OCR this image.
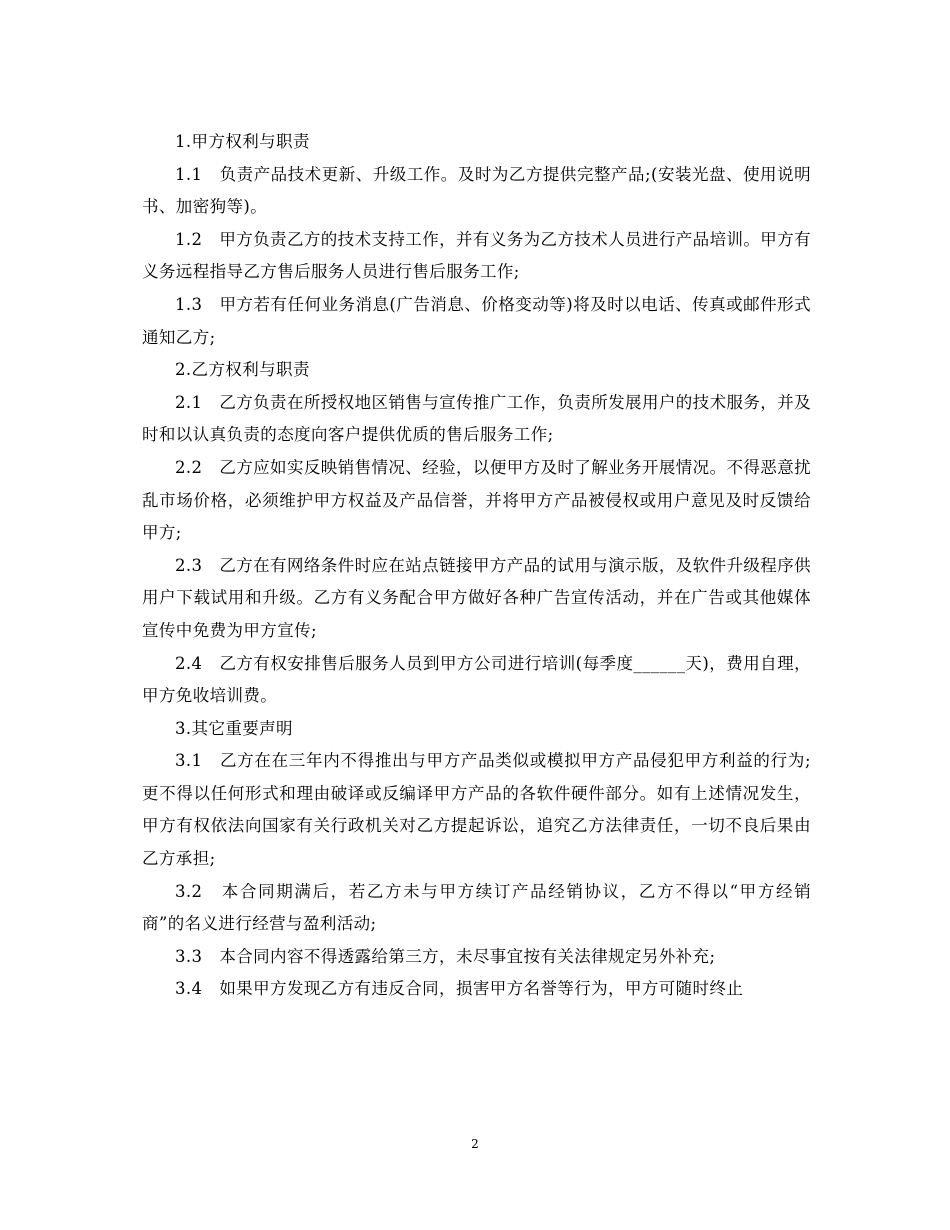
1.甲方权利与职责

1.1　负责产品技术更新、升级工作。及时为乙方提供完整产品;(安装光盘、使用说明书、加密狗等)。

1.2　甲方负责乙方的技术支持工作，并有义务为乙方技术人员进行产品培训。甲方有义务远程指导乙方售后服务人员进行售后服务工作;

1.3　甲方若有任何业务消息(广告消息、价格变动等)将及时以电话、传真或邮件形式通知乙方;

2.乙方权利与职责

2.1　乙方负责在所授权地区销售与宣传推广工作，负责所发展用户的技术服务，并及时和以认真负责的态度向客户提供优质的售后服务工作;

2.2　乙方应如实反映销售情况、经验，以便甲方及时了解业务开展情况。不得恶意扰乱市场价格，必须维护甲方权益及产品信誉，并将甲方产品被侵权或用户意见及时反馈给甲方;

2.3　乙方在有网络条件时应在站点链接甲方产品的试用与演示版，及软件升级程序供用户下载试用和升级。乙方有义务配合甲方做好各种广告宣传活动，并在广告或其他媒体宣传中免费为甲方宣传;

2.4　乙方有权安排售后服务人员到甲方公司进行培训(每季度______天)，费用自理，甲方免收培训费。

3.其它重要声明

3.1　乙方在在三年内不得推出与甲方产品类似或模拟甲方产品侵犯甲方利益的行为;更不得以任何形式和理由破译或反编译甲方产品的各软件硬件部分。如有上述情况发生，甲方有权依法向国家有关行政机关对乙方提起诉讼，追究乙方法律责任，一切不良后果由乙方承担;

3.2　本合同期满后，若乙方未与甲方续订产品经销协议，乙方不得以“甲方经销商”的名义进行经营与盈利活动;

3.3　本合同内容不得透露给第三方，未尽事宜按有关法律规定另外补充;

3.4　如果甲方发现乙方有违反合同，损害甲方名誉等行为，甲方可随时终止

2
